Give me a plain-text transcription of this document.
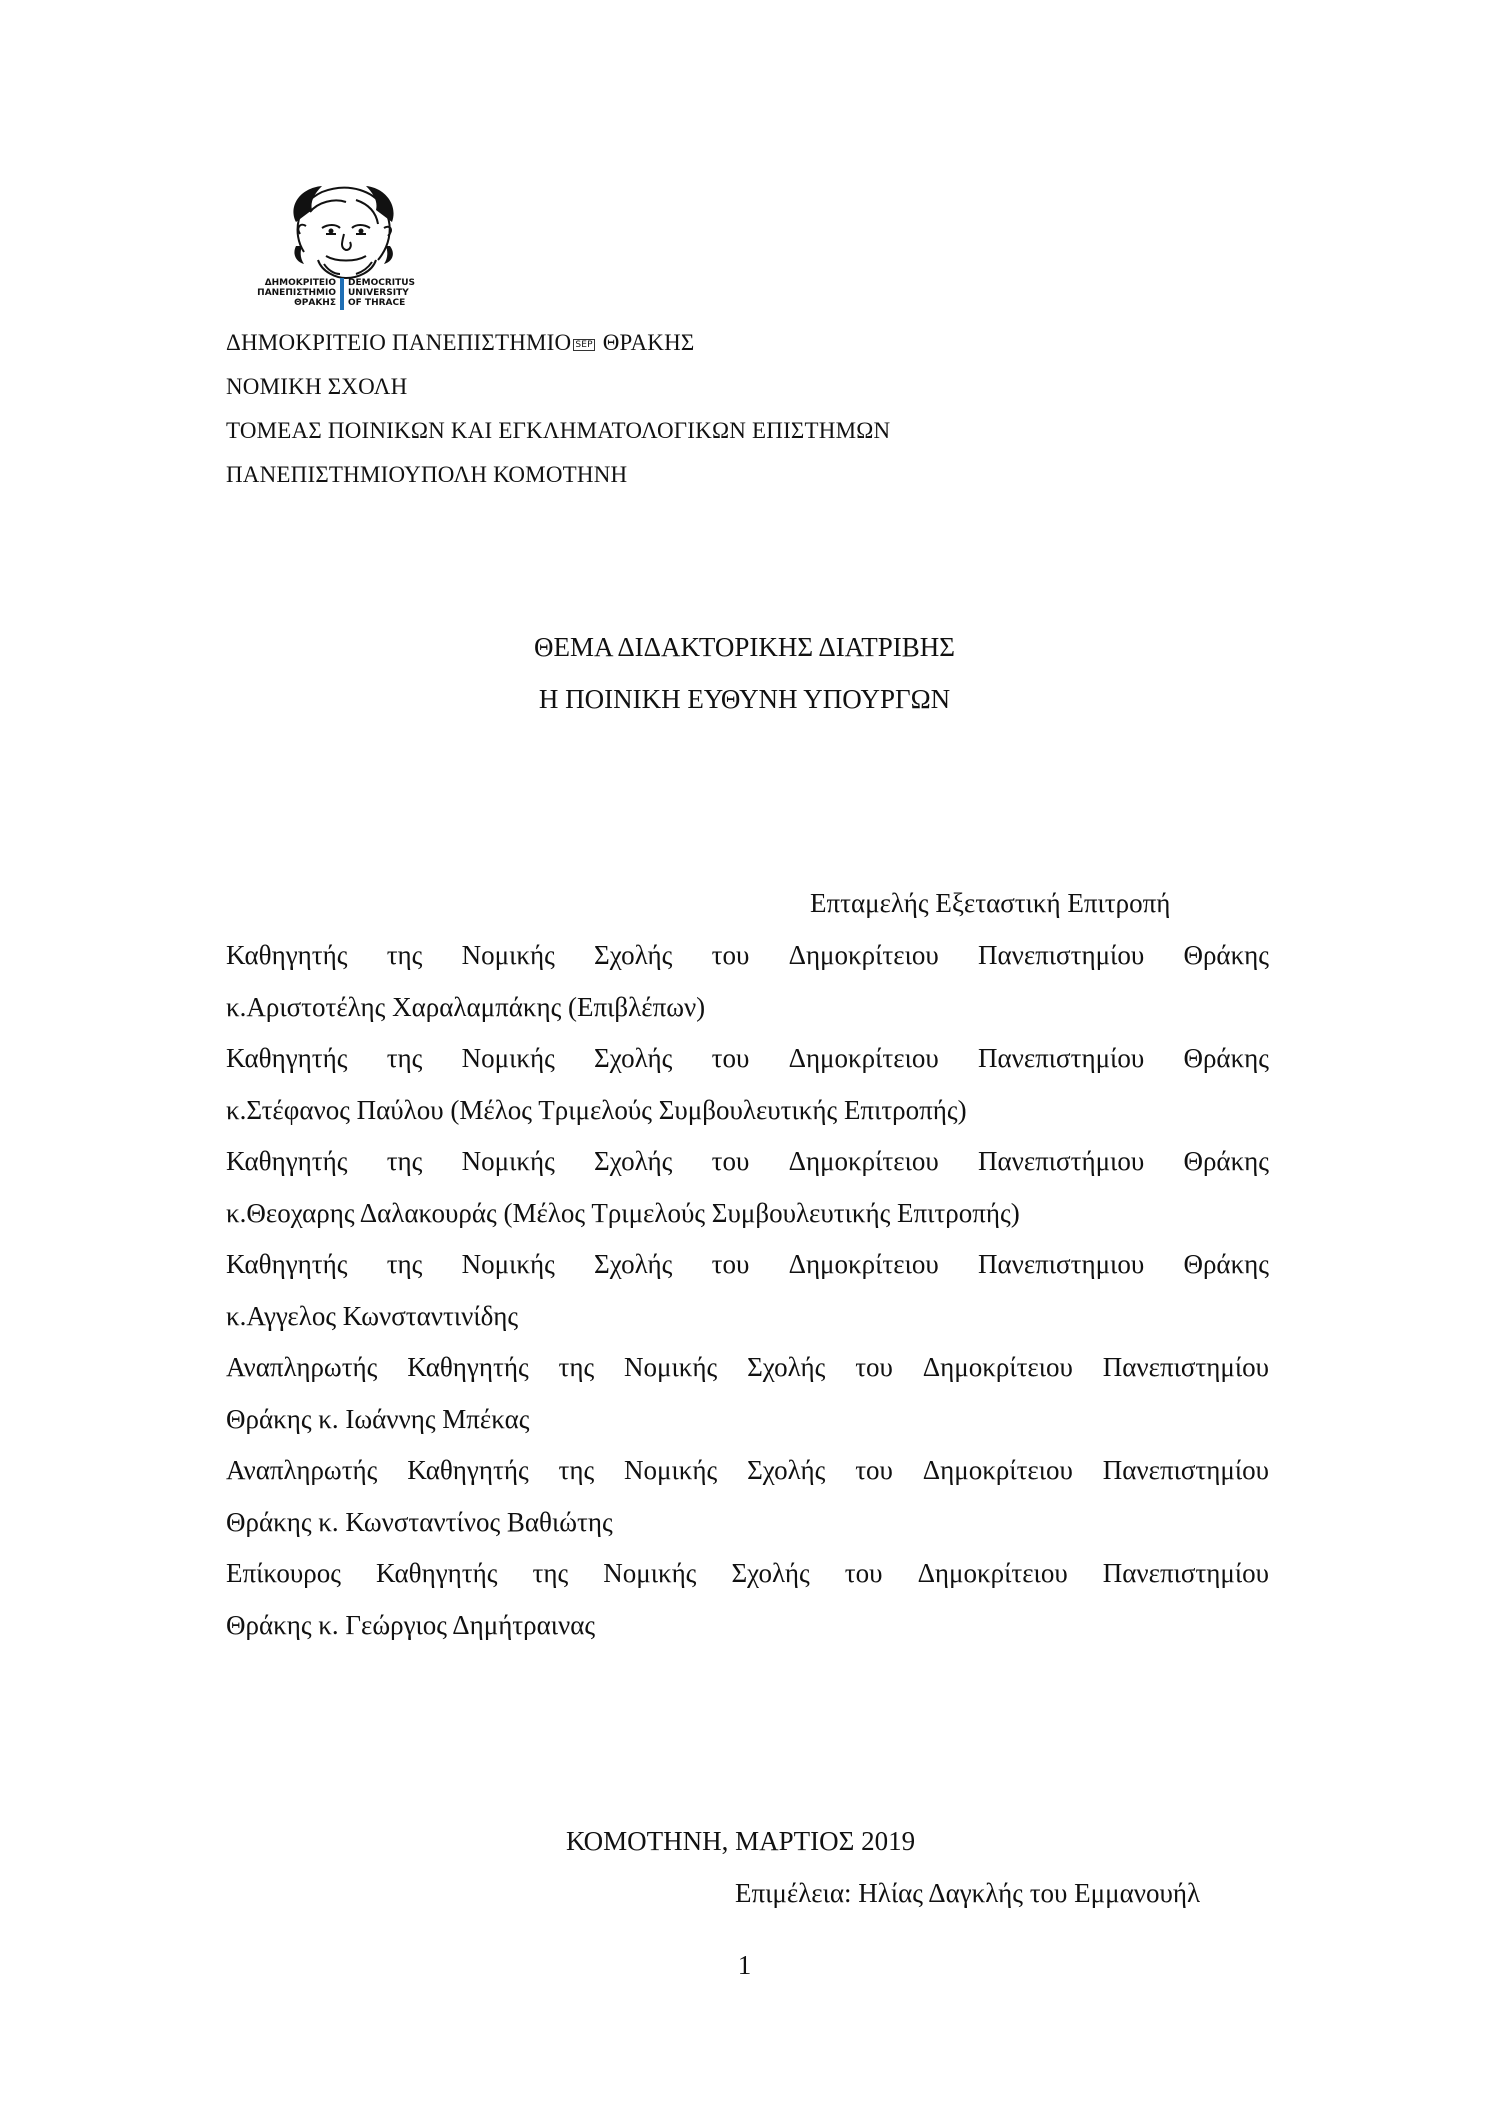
ΔΗΜΟΚΡΙΤΕΙΟ
ΠΑΝΕΠΙΣΤΗΜΙΟ
ΘΡΑΚΗΣ
DEMOCRITUS
UNIVERSITY
OF THRACE
ΔΗΜΟΚΡΙΤΕΙΟ ΠΑΝΕΠΙΣΤΗΜΙΟ SEP ΘΡΑΚΗΣ
ΝΟΜΙΚΗ ΣΧΟΛΗ
ΤΟΜΕΑΣ ΠΟΙΝΙΚΩΝ ΚΑΙ ΕΓΚΛΗΜΑΤΟΛΟΓΙΚΩΝ ΕΠΙΣΤΗΜΩΝ
ΠΑΝΕΠΙΣΤΗΜΙΟΥΠΟΛΗ ΚΟΜΟΤΗΝΗ
ΘΕΜΑ ΔΙΔΑΚΤΟΡΙΚΗΣ ΔΙΑΤΡΙΒΗΣ
Η ΠΟΙΝΙΚΗ ΕΥΘΥΝΗ ΥΠΟΥΡΓΩΝ
Επταμελής Εξεταστική Επιτροπή
Καθηγητής της Νομικής Σχολής του Δημοκρίτειου Πανεπιστημίου Θράκης
κ.Αριστοτέλης Χαραλαμπάκης (Επιβλέπων)
Καθηγητής της Νομικής Σχολής του Δημοκρίτειου Πανεπιστημίου Θράκης
κ.Στέφανος Παύλου (Μέλος Τριμελούς Συμβουλευτικής Επιτροπής)
Καθηγητής της Νομικής Σχολής του Δημοκρίτειου Πανεπιστήμιου Θράκης
κ.Θεοχαρης Δαλακουράς (Μέλος Τριμελούς Συμβουλευτικής Επιτροπής)
Καθηγητής της Νομικής Σχολής του Δημοκρίτειου Πανεπιστημιου Θράκης
κ.Αγγελος Κωνσταντινίδης
Αναπληρωτής Καθηγητής της Νομικής Σχολής του Δημοκρίτειου Πανεπιστημίου
Θράκης κ. Ιωάννης Μπέκας
Αναπληρωτής Καθηγητής της Νομικής Σχολής του Δημοκρίτειου Πανεπιστημίου
Θράκης κ. Κωνσταντίνος Βαθιώτης
Επίκουρος Καθηγητής της Νομικής Σχολής του Δημοκρίτειου Πανεπιστημίου
Θράκης κ. Γεώργιος Δημήτραινας
ΚΟΜΟΤΗΝΗ, ΜΑΡΤΙΟΣ 2019
Επιμέλεια: Ηλίας Δαγκλής του Εμμανουήλ
1
